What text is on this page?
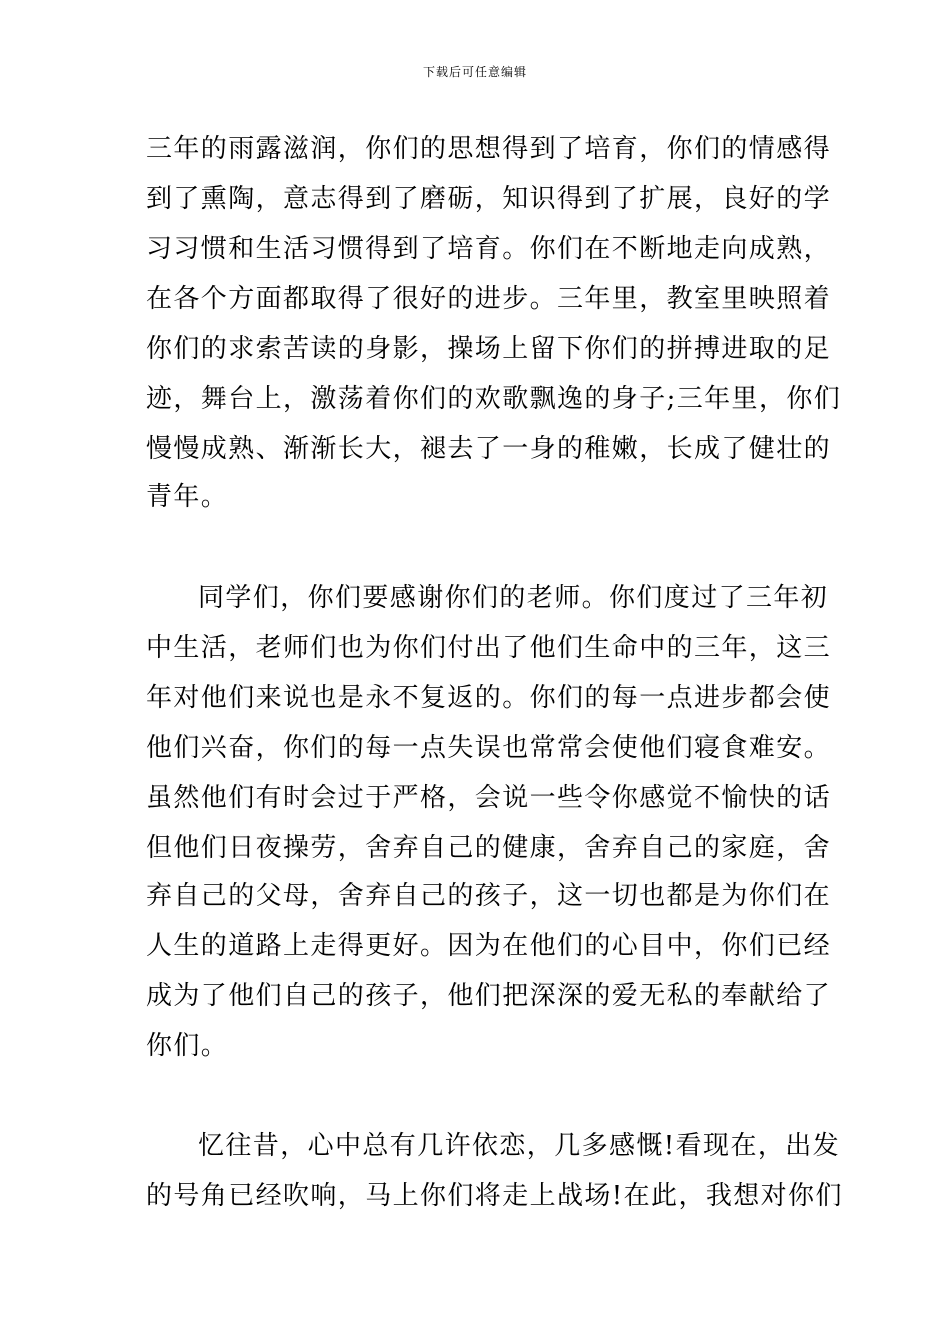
下载后可任意编辑
三年的雨露滋润，你们的思想得到了培育，你们的情感得
到了熏陶，意志得到了磨砺，知识得到了扩展，良好的学
习习惯和生活习惯得到了培育。你们在不断地走向成熟，
在各个方面都取得了很好的进步。三年里，教室里映照着
你们的求索苦读的身影，操场上留下你们的拼搏进取的足
迹，舞台上，激荡着你们的欢歌飘逸的身子;三年里，你们
慢慢成熟、渐渐长大，褪去了一身的稚嫩，长成了健壮的
青年。
同学们，你们要感谢你们的老师。你们度过了三年初
中生活，老师们也为你们付出了他们生命中的三年，这三
年对他们来说也是永不复返的。你们的每一点进步都会使
他们兴奋，你们的每一点失误也常常会使他们寝食难安。
虽然他们有时会过于严格，会说一些令你感觉不愉快的话
但他们日夜操劳，舍弃自己的健康，舍弃自己的家庭，舍
弃自己的父母，舍弃自己的孩子，这一切也都是为你们在
人生的道路上走得更好。因为在他们的心目中，你们已经
成为了他们自己的孩子，他们把深深的爱无私的奉献给了
你们。
忆往昔，心中总有几许依恋，几多感慨!看现在，出发
的号角已经吹响，马上你们将走上战场!在此，我想对你们
